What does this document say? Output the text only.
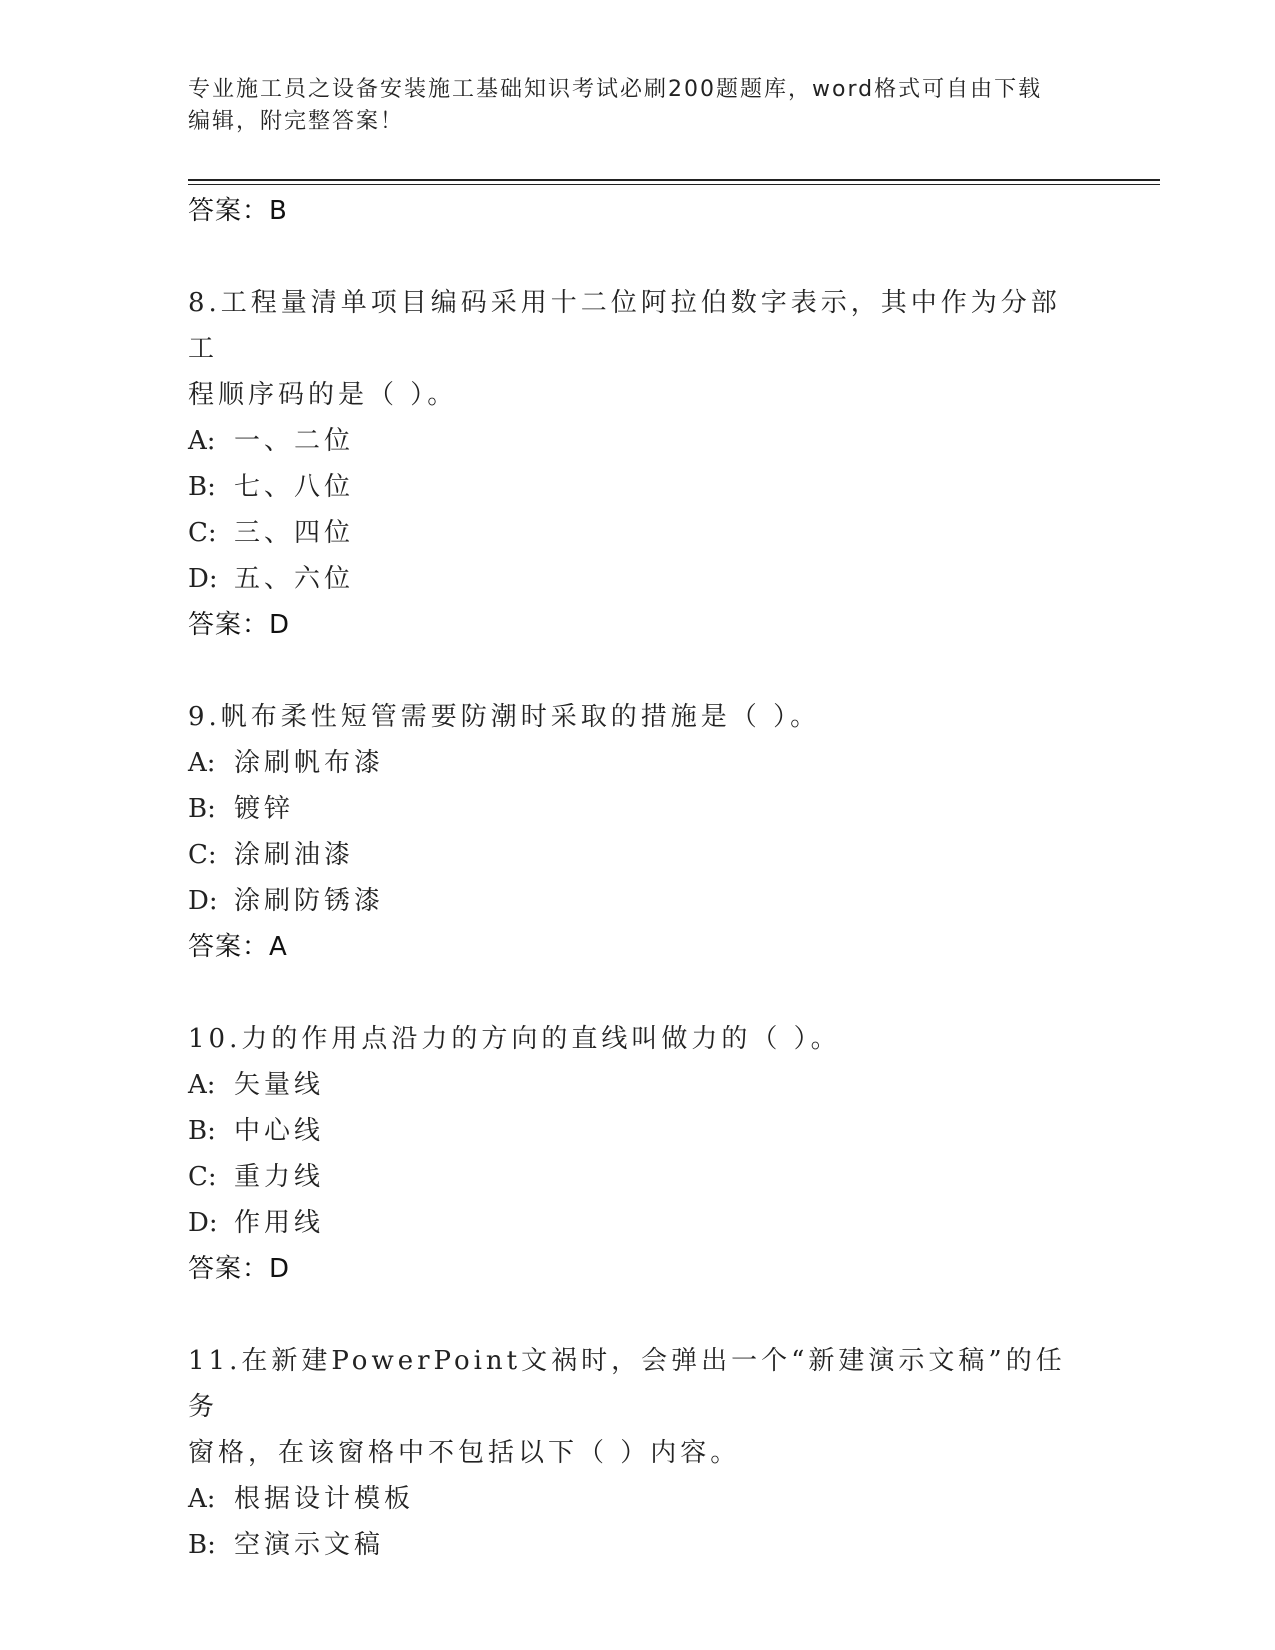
专业施工员之设备安装施工基础知识考试必刷200题题库，word格式可自由下载
编辑，附完整答案！

答案：B

8.工程量清单项目编码采用十二位阿拉伯数字表示，其中作为分部工

程顺序码的是（ ）。

A: 一、二位

B: 七、八位

C: 三、四位

D: 五、六位

答案：D

9.帆布柔性短管需要防潮时采取的措施是（ ）。

A: 涂刷帆布漆

B: 镀锌

C: 涂刷油漆

D: 涂刷防锈漆

答案：A

10.力的作用点沿力的方向的直线叫做力的（ ）。

A: 矢量线

B: 中心线

C: 重力线

D: 作用线

答案：D

11.在新建PowerPoint文祸时，会弹出一个“新建演示文稿”的任务

窗格，在该窗格中不包括以下（ ）内容。

A: 根据设计模板

B: 空演示文稿
